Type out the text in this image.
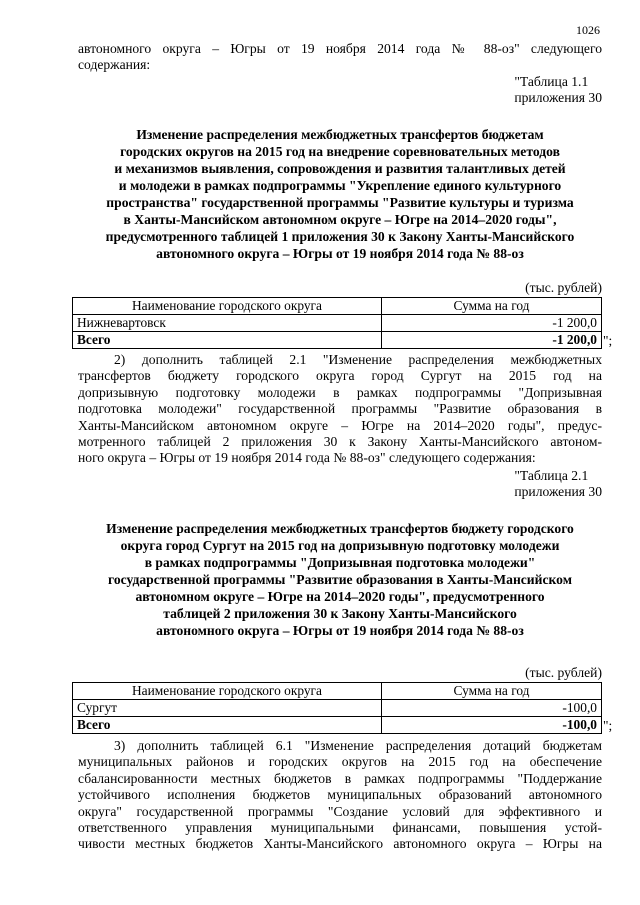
1026
автономного округа – Югры от 19 ноября 2014 года № 88-оз" следующего
содержания:
"Таблица 1.1
приложения 30
Изменение распределения межбюджетных трансфертов бюджетам
городских округов на 2015 год на внедрение соревновательных методов
и механизмов выявления, сопровождения и развития талантливых детей
и молодежи в рамках подпрограммы "Укрепление единого культурного
пространства" государственной программы "Развитие культуры и туризма
в Ханты-Мансийском автономном округе – Югре на 2014–2020 годы",
предусмотренного таблицей 1 приложения 30 к Закону Ханты-Мансийского
автономного округа – Югры от 19 ноября 2014 года № 88-оз
(тыс. рублей)
Наименование городского округа	Сумма на год
Нижневартовск	-1 200,0
Всего	-1 200,0 ";
2) дополнить таблицей 2.1 "Изменение распределения межбюджетных
трансфертов бюджету городского округа город Сургут на 2015 год на
допризывную подготовку молодежи в рамках подпрограммы "Допризывная
подготовка молодежи" государственной программы "Развитие образования в
Ханты-Мансийском автономном округе – Югре на 2014–2020 годы", предус-
мотренного таблицей 2 приложения 30 к Закону Ханты-Мансийского автоном-
ного округа – Югры от 19 ноября 2014 года № 88-оз" следующего содержания:
"Таблица 2.1
приложения 30
Изменение распределения межбюджетных трансфертов бюджету городского
округа город Сургут на 2015 год на допризывную подготовку молодежи
в рамках подпрограммы "Допризывная подготовка молодежи"
государственной программы "Развитие образования в Ханты-Мансийском
автономном округе – Югре на 2014–2020 годы", предусмотренного
таблицей 2 приложения 30 к Закону Ханты-Мансийского
автономного округа – Югры от 19 ноября 2014 года № 88-оз
(тыс. рублей)
Наименование городского округа	Сумма на год
Сургут	-100,0
Всего	-100,0 ";
3) дополнить таблицей 6.1 "Изменение распределения дотаций бюджетам
муниципальных районов и городских округов на 2015 год на обеспечение
сбалансированности местных бюджетов в рамках подпрограммы "Поддержание
устойчивого исполнения бюджетов муниципальных образований автономного
округа" государственной программы "Создание условий для эффективного и
ответственного управления муниципальными финансами, повышения устой-
чивости местных бюджетов Ханты-Мансийского автономного округа – Югры на
